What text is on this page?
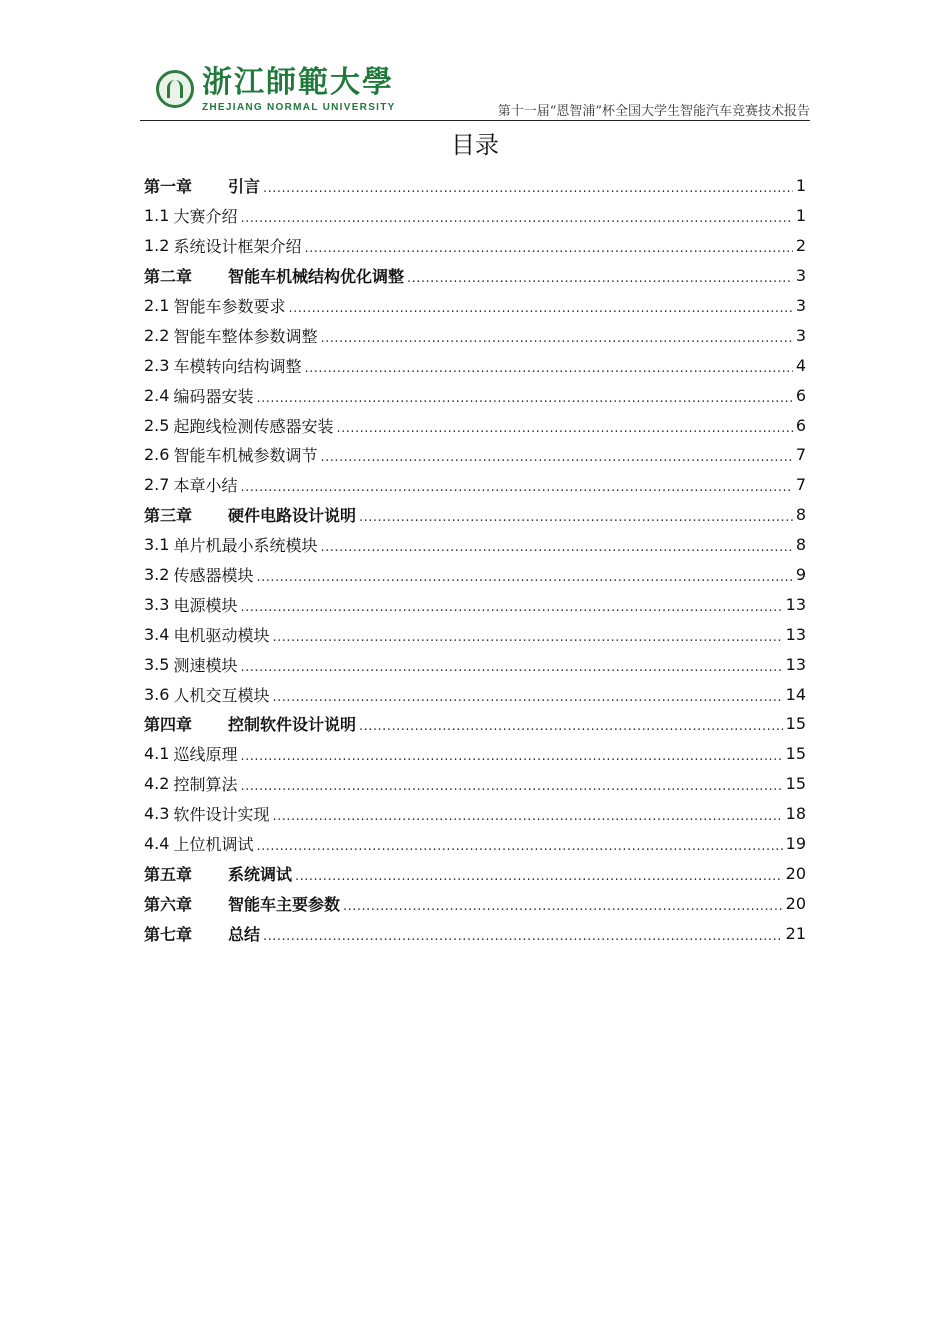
浙江師範大學
ZHEJIANG NORMAL UNIVERSITY	第十一届“恩智浦”杯全国大学生智能汽车竞赛技术报告
目录
第一章	引言 .....	1
1.1 大赛介绍 .....	1
1.2 系统设计框架介绍 .....	2
第二章	智能车机械结构优化调整 .....	3
2.1 智能车参数要求 .....	3
2.2 智能车整体参数调整 .....	3
2.3 车模转向结构调整 .....	4
2.4 编码器安装 .....	6
2.5 起跑线检测传感器安装 .....	6
2.6 智能车机械参数调节 .....	7
2.7 本章小结 .....	7
第三章	硬件电路设计说明 .....	8
3.1 单片机最小系统模块 .....	8
3.2 传感器模块 .....	9
3.3 电源模块 .....	13
3.4 电机驱动模块 .....	13
3.5 测速模块 .....	13
3.6 人机交互模块 .....	14
第四章	控制软件设计说明 .....	15
4.1 巡线原理 .....	15
4.2 控制算法 .....	15
4.3 软件设计实现 .....	18
4.4 上位机调试 .....	19
第五章	系统调试 .....	20
第六章	智能车主要参数 .....	20
第七章	总结 .....	21
